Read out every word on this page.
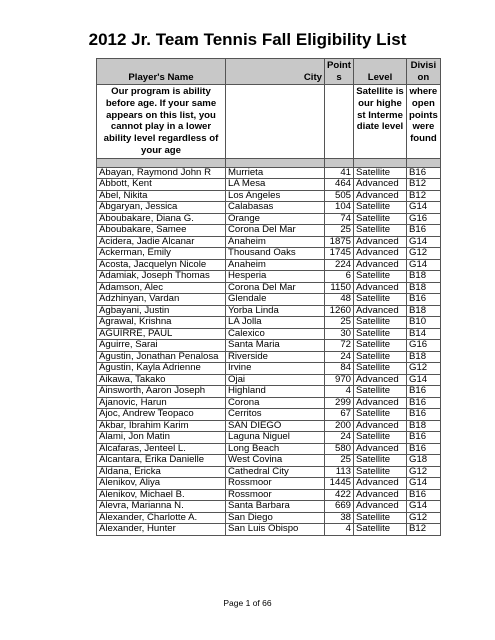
2012 Jr. Team Tennis Fall Eligibility List
Player's Name	City	Points	Level	Division
Our program is ability before age. If your same appears on this list, you cannot play in a lower ability level regardless of your age			Satellite is our highest Intermediate level	where open points were found

Abayan, Raymond John R	Murrieta	41	Satellite	B16
Abbott, Kent	LA Mesa	464	Advanced	B12
Abel, Nikita	Los Angeles	505	Advanced	B12
Abgaryan, Jessica	Calabasas	104	Satellite	G14
Aboubakare, Diana G.	Orange	74	Satellite	G16
Aboubakare, Samee	Corona Del Mar	25	Satellite	B16
Acidera, Jadie Alcanar	Anaheim	1875	Advanced	G14
Ackerman, Emily	Thousand Oaks	1745	Advanced	G12
Acosta, Jacquelyn Nicole	Anaheim	224	Advanced	G14
Adamiak, Joseph Thomas	Hesperia	6	Satellite	B18
Adamson, Alec	Corona Del Mar	1150	Advanced	B18
Adzhinyan, Vardan	Glendale	48	Satellite	B16
Agbayani, Justin	Yorba Linda	1260	Advanced	B18
Agrawal, Krishna	LA Jolla	25	Satellite	B10
AGUIRRE, PAUL	Calexico	30	Satellite	B14
Aguirre, Sarai	Santa Maria	72	Satellite	G16
Agustin, Jonathan Penalosa	Riverside	24	Satellite	B18
Agustin, Kayla Adrienne	Irvine	84	Satellite	G12
Aikawa, Takako	Ojai	970	Advanced	G14
Ainsworth, Aaron Joseph	Highland	4	Satellite	B16
Ajanovic, Harun	Corona	299	Advanced	B16
Ajoc, Andrew Teopaco	Cerritos	67	Satellite	B16
Akbar, Ibrahim Karim	SAN DIEGO	200	Advanced	B18
Alami, Jon Matin	Laguna Niguel	24	Satellite	B16
Alcafaras, Jenteel L.	Long Beach	580	Advanced	B16
Alcantara, Erika Danielle	West Covina	25	Satellite	G18
Aldana, Ericka	Cathedral City	113	Satellite	G12
Alenikov, Aliya	Rossmoor	1445	Advanced	G14
Alenikov, Michael B.	Rossmoor	422	Advanced	B16
Alevra, Marianna N.	Santa Barbara	669	Advanced	G14
Alexander, Charlotte A.	San Diego	38	Satellite	G12
Alexander, Hunter	San Luis Obispo	4	Satellite	B12
Page 1 of 66
